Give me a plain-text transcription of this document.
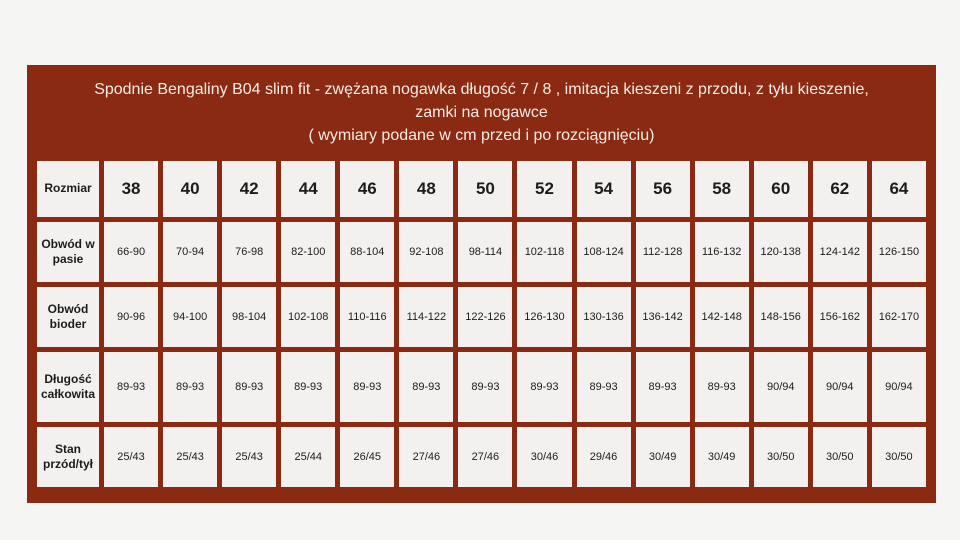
Spodnie Bengaliny B04 slim fit - zwężana nogawka długość 7 / 8 , imitacja kieszeni z przodu, z tyłu kieszenie, zamki na nogawce
( wymiary podane w cm przed i po rozciągnięciu)
Rozmiar	38	40	42	44	46	48	50	52	54	56	58	60	62	64
Obwód w pasie	66-90	70-94	76-98	82-100	88-104	92-108	98-114	102-118	108-124	112-128	116-132	120-138	124-142	126-150
Obwód bioder	90-96	94-100	98-104	102-108	110-116	114-122	122-126	126-130	130-136	136-142	142-148	148-156	156-162	162-170
Długość całkowita	89-93	89-93	89-93	89-93	89-93	89-93	89-93	89-93	89-93	89-93	89-93	90/94	90/94	90/94
Stan przód/tył	25/43	25/43	25/43	25/44	26/45	27/46	27/46	30/46	29/46	30/49	30/49	30/50	30/50	30/50
